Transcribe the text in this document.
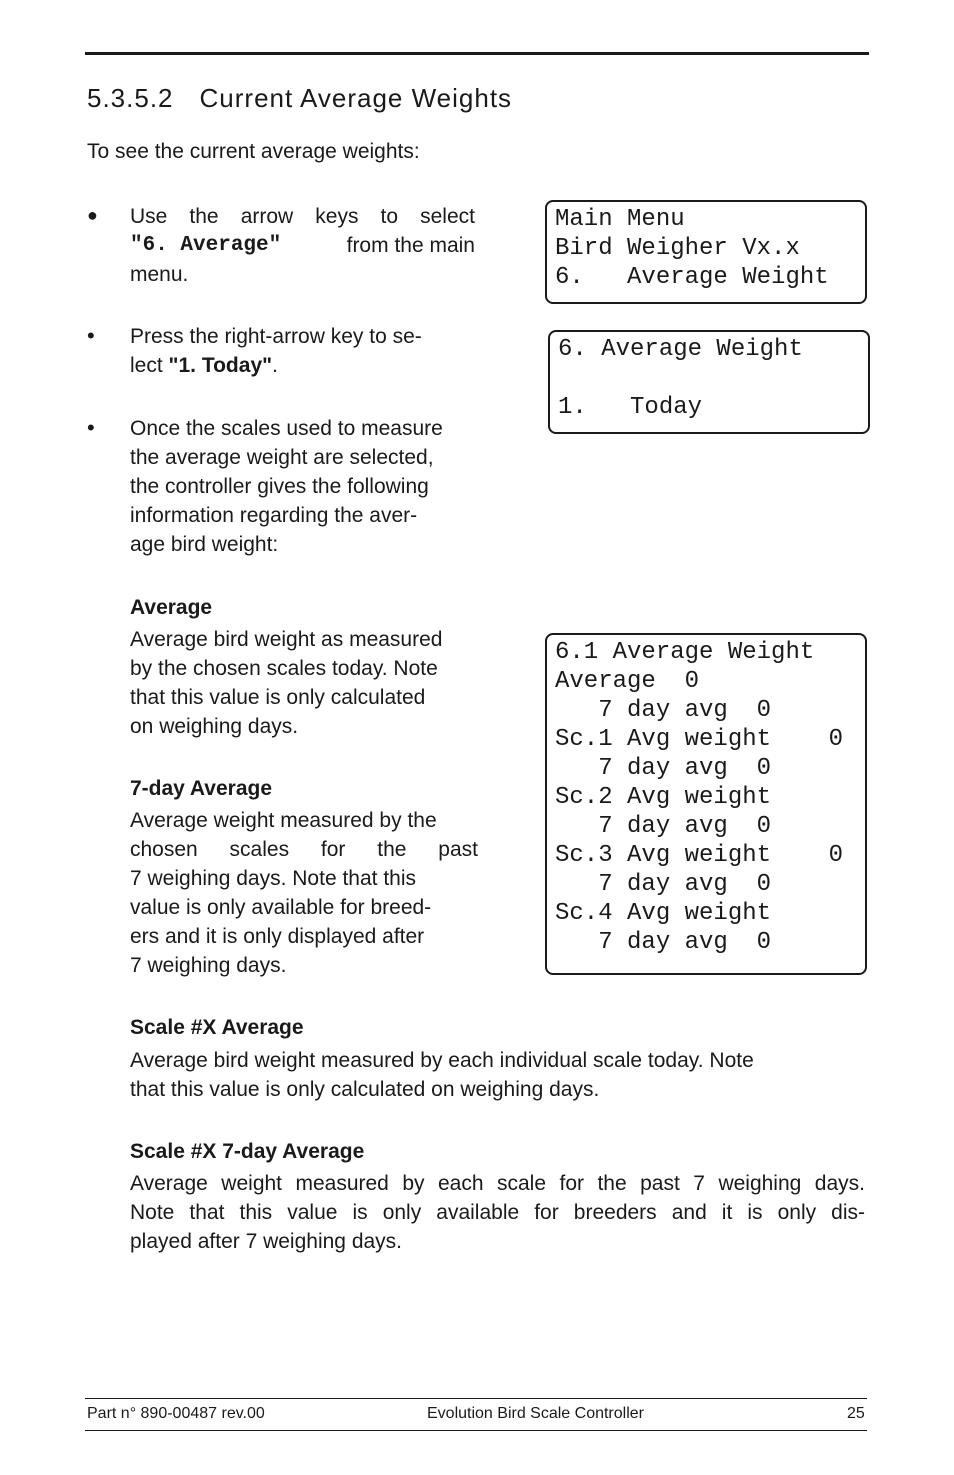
5.3.5.2 Current Average Weights
To see the current average weights:
● Use the arrow keys to select
"6. Average"	from the main
menu.
• Press the right-arrow key to se-
lect "1. Today".
• Once the scales used to measure
the average weight are selected,
the controller gives the following
information regarding the aver-
age bird weight:
Average
Average bird weight as measured
by the chosen scales today. Note
that this value is only calculated
on weighing days.
7-day Average
Average weight measured by the
chosen scales for the past
7 weighing days. Note that this
value is only available for breed-
ers and it is only displayed after
7 weighing days.
Scale #X Average
Average bird weight measured by each individual scale today. Note
that this value is only calculated on weighing days.
Scale #X 7-day Average
Average weight measured by each scale for the past 7 weighing days.
Note that this value is only available for breeders and it is only dis-
played after 7 weighing days.
Main Menu
Bird Weigher Vx.x
6.   Average Weight
6. Average Weight
1.   Today
6.1 Average Weight
Average  0
7 day avg  0
Sc.1 Avg weight    0
7 day avg  0
Sc.2 Avg weight
7 day avg  0
Sc.3 Avg weight    0
7 day avg  0
Sc.4 Avg weight
7 day avg  0
Part n° 890-00487 rev.00	Evolution Bird Scale Controller	25
